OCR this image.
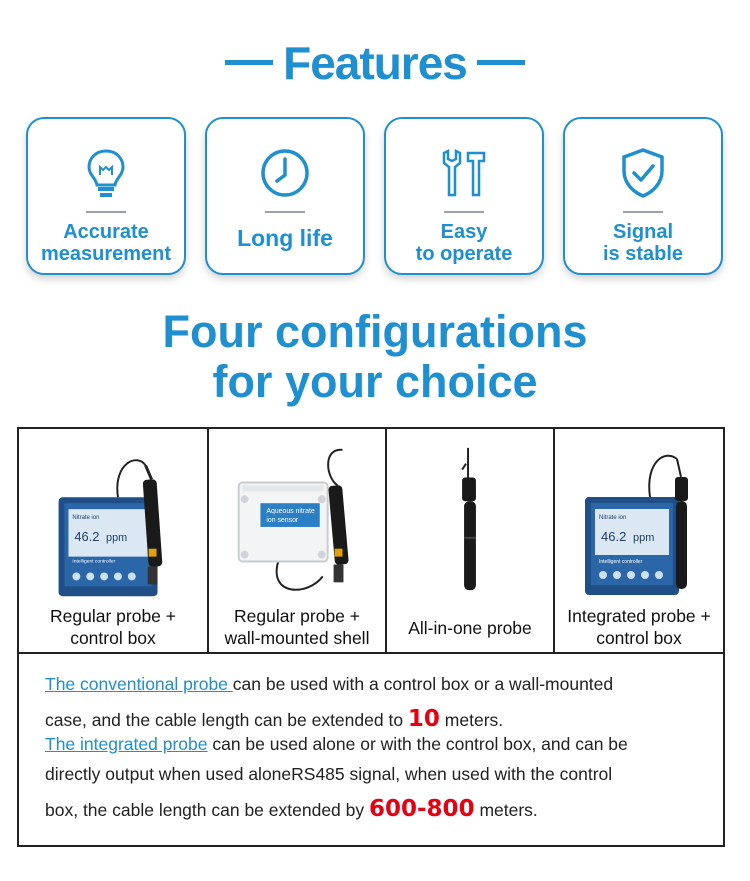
Features
Accurate
measurement
Long life	Easy
to operate
Signal
is stable
Four configurations
for your choice
Nitrate ion
46.2 ppm
Intelligent controller
Regular probe +
control box
Aqueous nitrate
ion sensor
Regular probe +
wall-mounted shell	All-in-one probe
Nitrate ion
46.2 ppm
Intelligent controller
Integrated probe +
control box
The conventional probe can be used with a control box or a wall-mounted
case, and the cable length can be extended to 10 meters.
The integrated probe can be used alone or with the control box, and can be
directly output when used aloneRS485 signal, when used with the control
box, the cable length can be extended by 600-800 meters.
